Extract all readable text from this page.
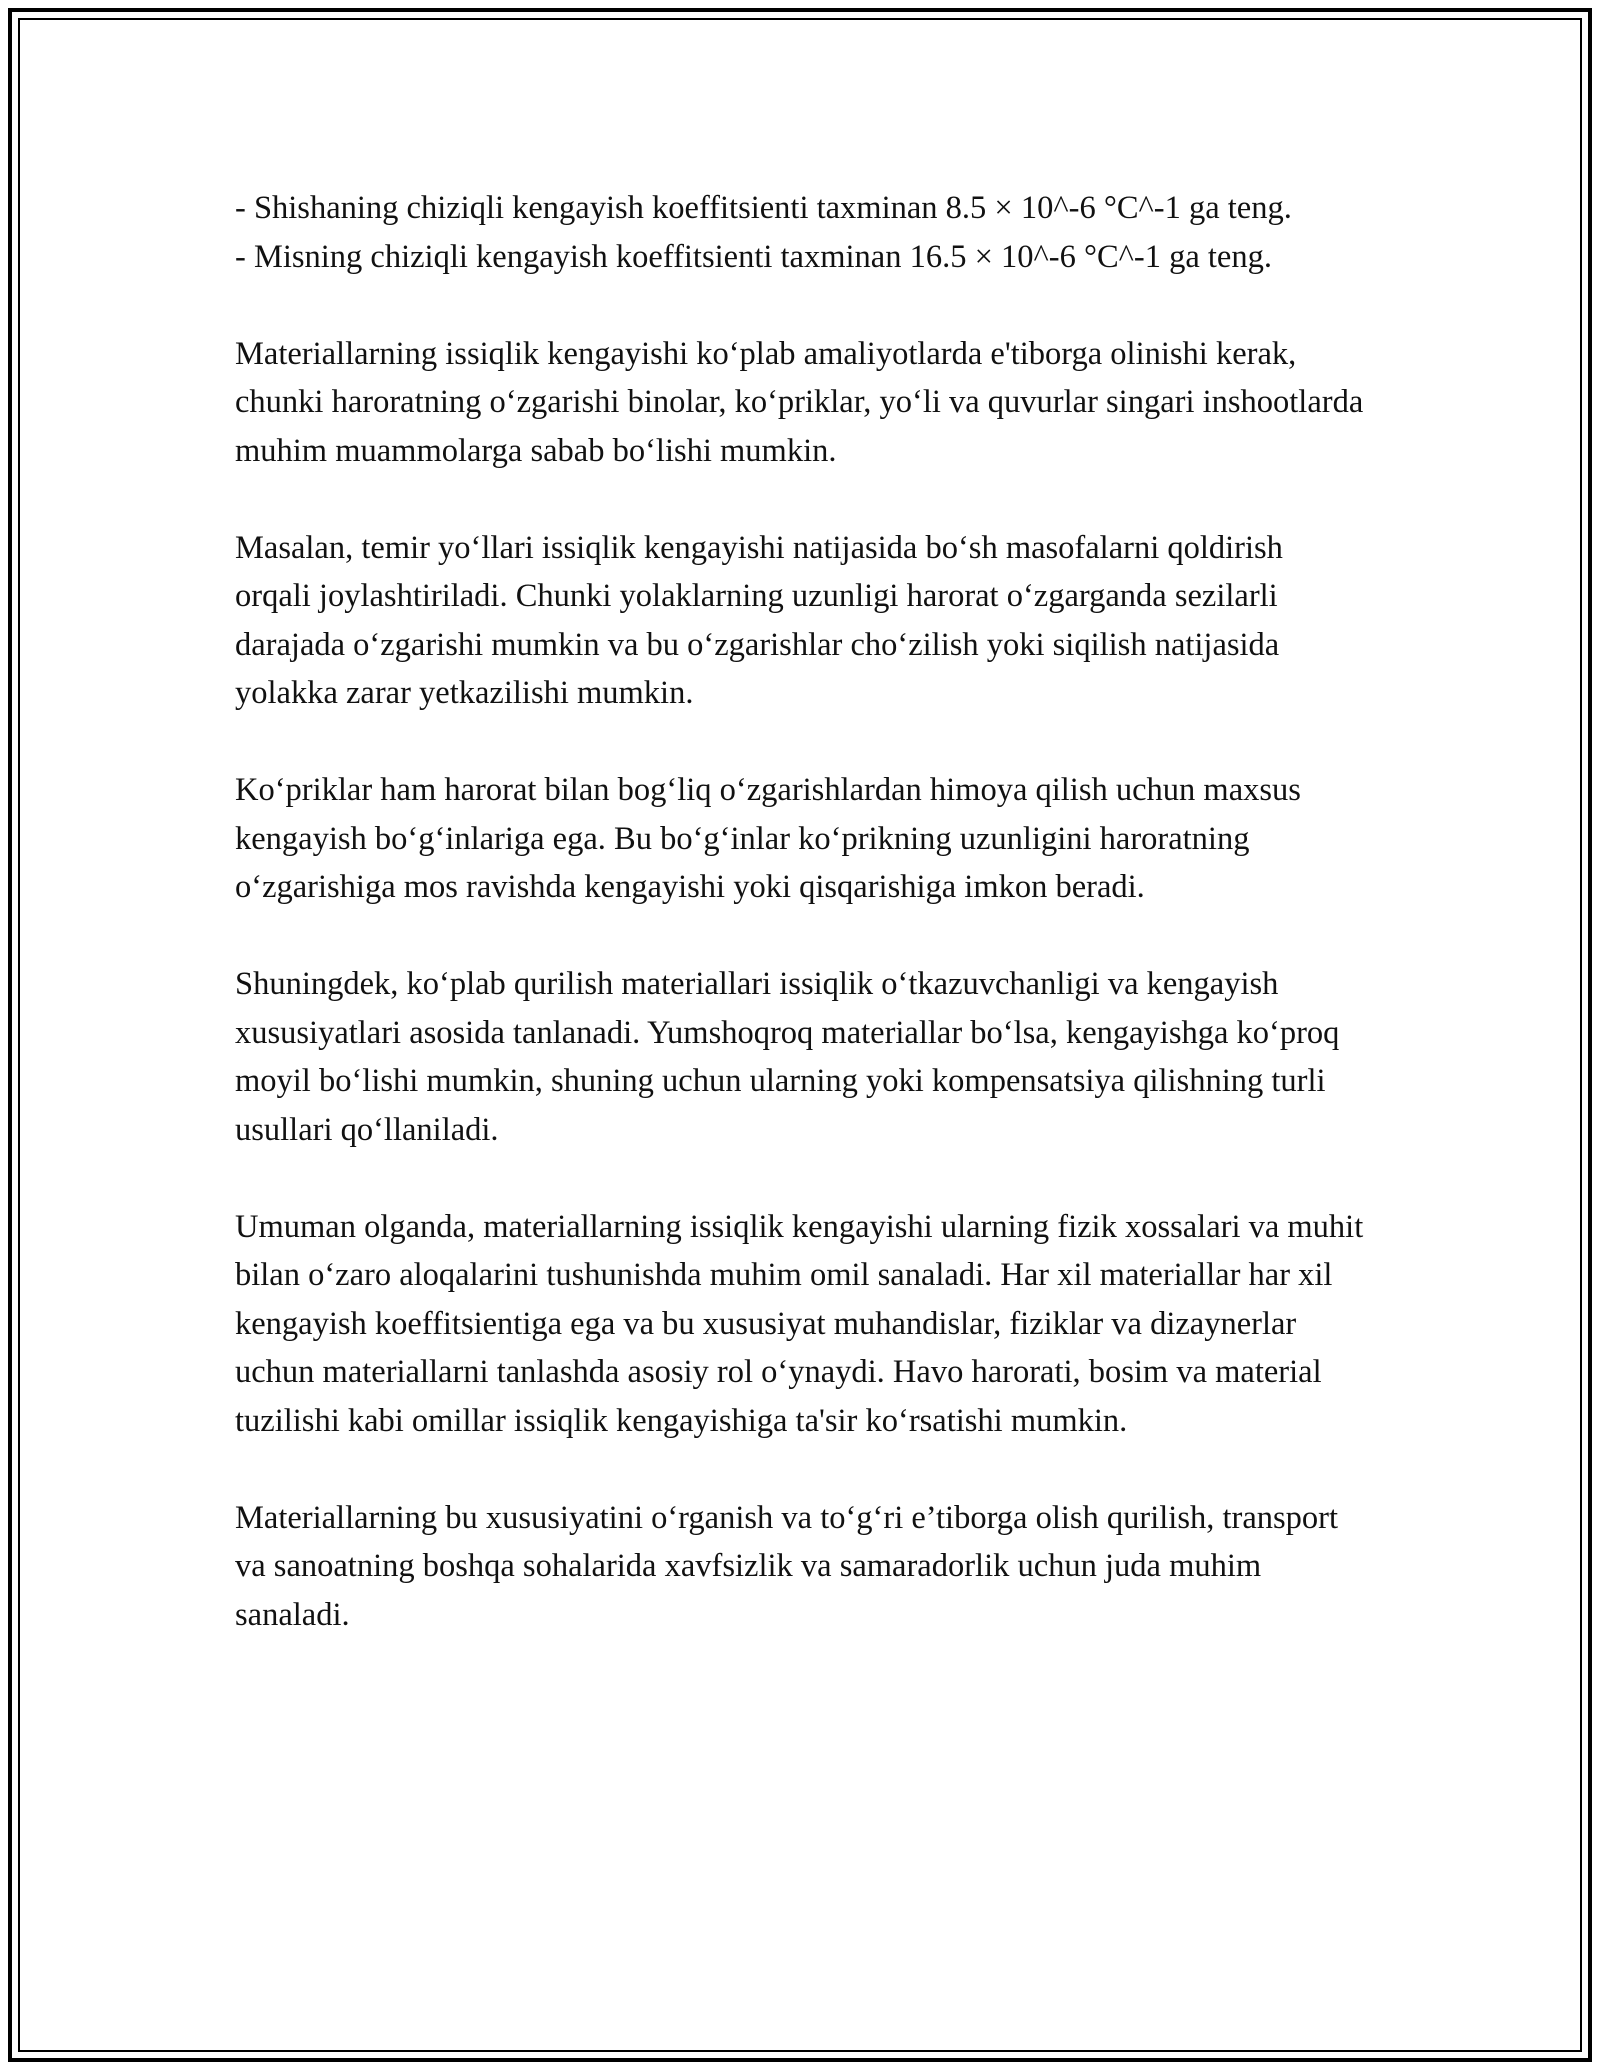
- Shishaning chiziqli kengayish koeffitsienti taxminan 8.5 × 10^-6 °C^-1 ga teng.

- Misning chiziqli kengayish koeffitsienti taxminan 16.5 × 10^-6 °C^-1 ga teng.

Materiallarning issiqlik kengayishi ko‘plab amaliyotlarda e'tiborga olinishi kerak, chunki haroratning o‘zgarishi binolar, ko‘priklar, yo‘li va quvurlar singari inshootlarda muhim muammolarga sabab bo‘lishi mumkin.

Masalan, temir yo‘llari issiqlik kengayishi natijasida bo‘sh masofalarni qoldirish orqali joylashtiriladi. Chunki yolaklarning uzunligi harorat o‘zgarganda sezilarli darajada o‘zgarishi mumkin va bu o‘zgarishlar cho‘zilish yoki siqilish natijasida yolakka zarar yetkazilishi mumkin.

Ko‘priklar ham harorat bilan bog‘liq o‘zgarishlardan himoya qilish uchun maxsus kengayish bo‘g‘inlariga ega. Bu bo‘g‘inlar ko‘prikning uzunligini haroratning o‘zgarishiga mos ravishda kengayishi yoki qisqarishiga imkon beradi.

Shuningdek, ko‘plab qurilish materiallari issiqlik o‘tkazuvchanligi va kengayish xususiyatlari asosida tanlanadi. Yumshoqroq materiallar bo‘lsa, kengayishga ko‘proq moyil bo‘lishi mumkin, shuning uchun ularning yoki kompensatsiya qilishning turli usullari qo‘llaniladi.

Umuman olganda, materiallarning issiqlik kengayishi ularning fizik xossalari va muhit bilan o‘zaro aloqalarini tushunishda muhim omil sanaladi. Har xil materiallar har xil kengayish koeffitsientiga ega va bu xususiyat muhandislar, fiziklar va dizaynerlar uchun materiallarni tanlashda asosiy rol o‘ynaydi. Havo harorati, bosim va material tuzilishi kabi omillar issiqlik kengayishiga ta'sir ko‘rsatishi mumkin.

Materiallarning bu xususiyatini o‘rganish va to‘g‘ri e’tiborga olish qurilish, transport va sanoatning boshqa sohalarida xavfsizlik va samaradorlik uchun juda muhim sanaladi.
